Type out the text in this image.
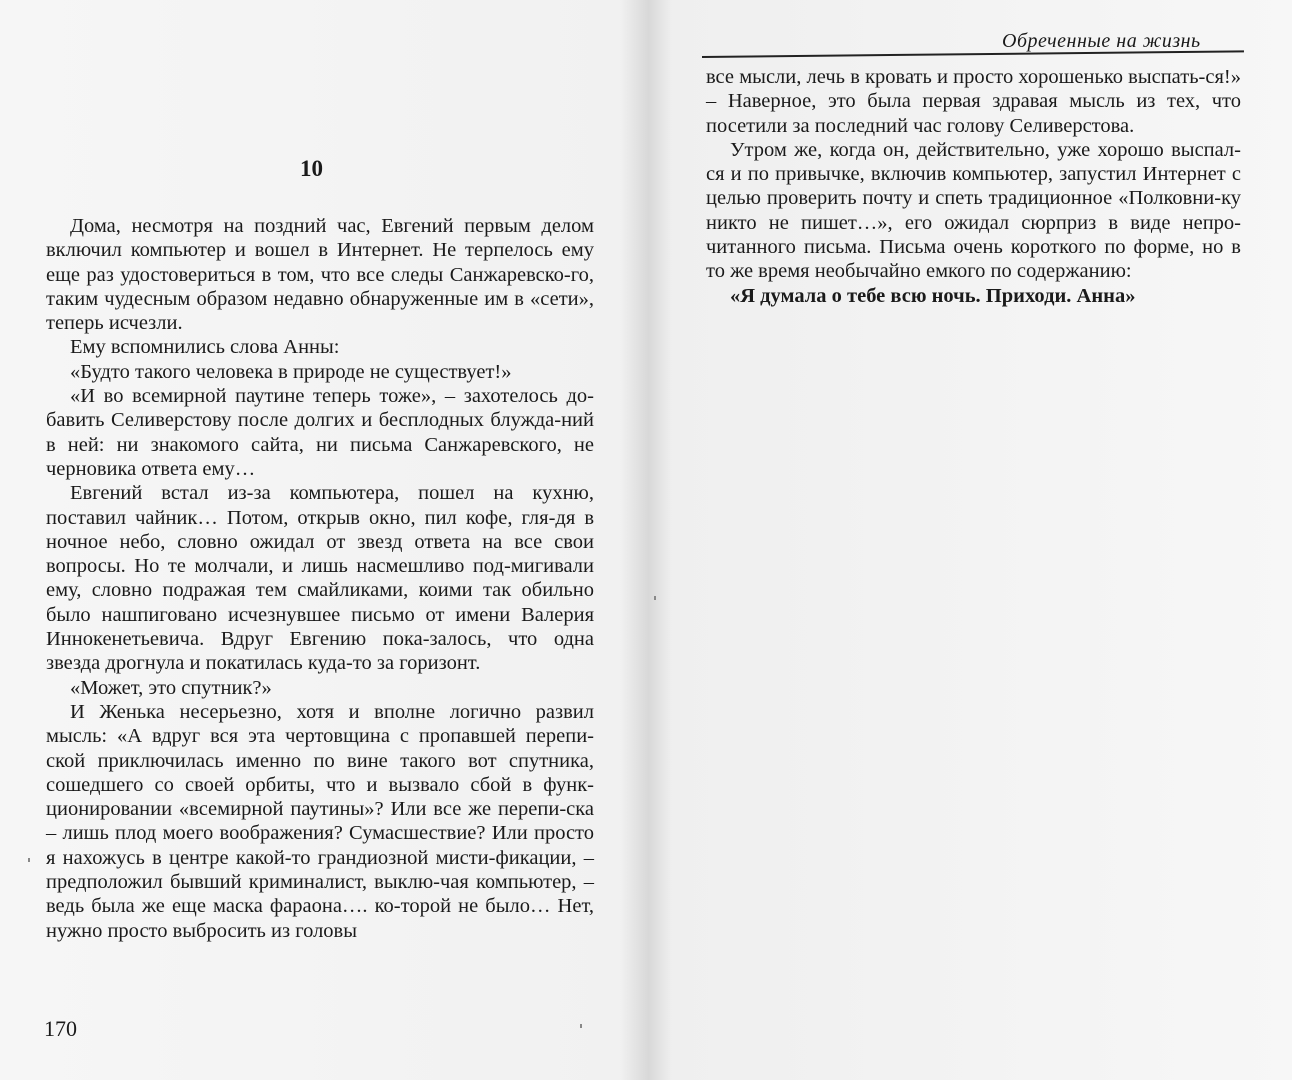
10

Дома, несмотря на поздний час, Евгений первым делом включил компьютер и вошел в Интернет. Не терпелось ему еще раз удостовериться в том, что все следы Санжаревско-го, таким чудесным образом недавно обнаруженные им в «сети», теперь исчезли.

Ему вспомнились слова Анны:

«Будто такого человека в природе не существует!»

«И во всемирной паутине теперь тоже», – захотелось до-бавить Селиверстову после долгих и бесплодных блужда-ний в ней: ни знакомого сайта, ни письма Санжаревского, не черновика ответа ему…

Евгений встал из-за компьютера, пошел на кухню, поставил чайник… Потом, открыв окно, пил кофе, гля-дя в ночное небо, словно ожидал от звезд ответа на все свои вопросы. Но те молчали, и лишь насмешливо под-мигивали ему, словно подражая тем смайликами, коими так обильно было нашпиговано исчезнувшее письмо от имени Валерия Иннокенетьевича. Вдруг Евгению пока-залось, что одна звезда дрогнула и покатилась куда-то за горизонт.

«Может, это спутник?»

И Женька несерьезно, хотя и вполне логично развил мысль: «А вдруг вся эта чертовщина с пропавшей перепи-ской приключилась именно по вине такого вот спутника, сошедшего со своей орбиты, что и вызвало сбой в функ-ционировании «всемирной паутины»? Или все же перепи-ска – лишь плод моего воображения? Сумасшествие? Или просто я нахожусь в центре какой-то грандиозной мисти-фикации, – предположил бывший криминалист, выклю-чая компьютер, – ведь была же еще маска фараона…. ко-торой не было… Нет, нужно просто выбросить из головы

170
Обреченные на жизнь

все мысли, лечь в кровать и просто хорошенько выспать-ся!» – Наверное, это была первая здравая мысль из тех, что посетили за последний час голову Селиверстова.

Утром же, когда он, действительно, уже хорошо выспал-ся и по привычке, включив компьютер, запустил Интернет с целью проверить почту и спеть традиционное «Полковни-ку никто не пишет…», его ожидал сюрприз в виде непро-читанного письма. Письма очень короткого по форме, но в то же время необычайно емкого по содержанию:

«Я думала о тебе всю ночь. Приходи. Анна»
